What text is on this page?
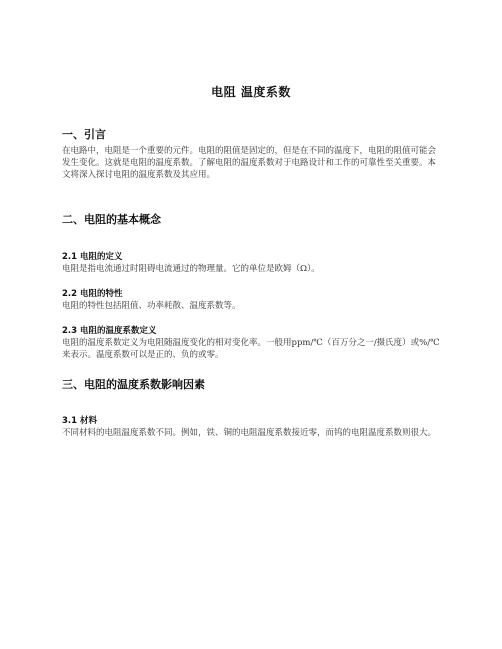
电阻 温度系数
一、引言

在电路中，电阻是一个重要的元件。电阻的阻值是固定的，但是在不同的温度下，电阻的阻值可能会发生变化。这就是电阻的温度系数。了解电阻的温度系数对于电路设计和工作的可靠性至关重要。本文将深入探讨电阻的温度系数及其应用。

二、电阻的基本概念
2.1 电阻的定义

电阻是指电流通过时阻碍电流通过的物理量。它的单位是欧姆（Ω）。

2.2 电阻的特性

电阻的特性包括阻值、功率耗散、温度系数等。

2.3 电阻的温度系数定义

电阻的温度系数定义为电阻随温度变化的相对变化率。一般用ppm/℃（百万分之一/摄氏度）或%/℃来表示。温度系数可以是正的、负的或零。

三、电阻的温度系数影响因素
3.1 材料

不同材料的电阻温度系数不同。例如，铁、铜的电阻温度系数接近零，而钨的电阻温度系数则很大。
